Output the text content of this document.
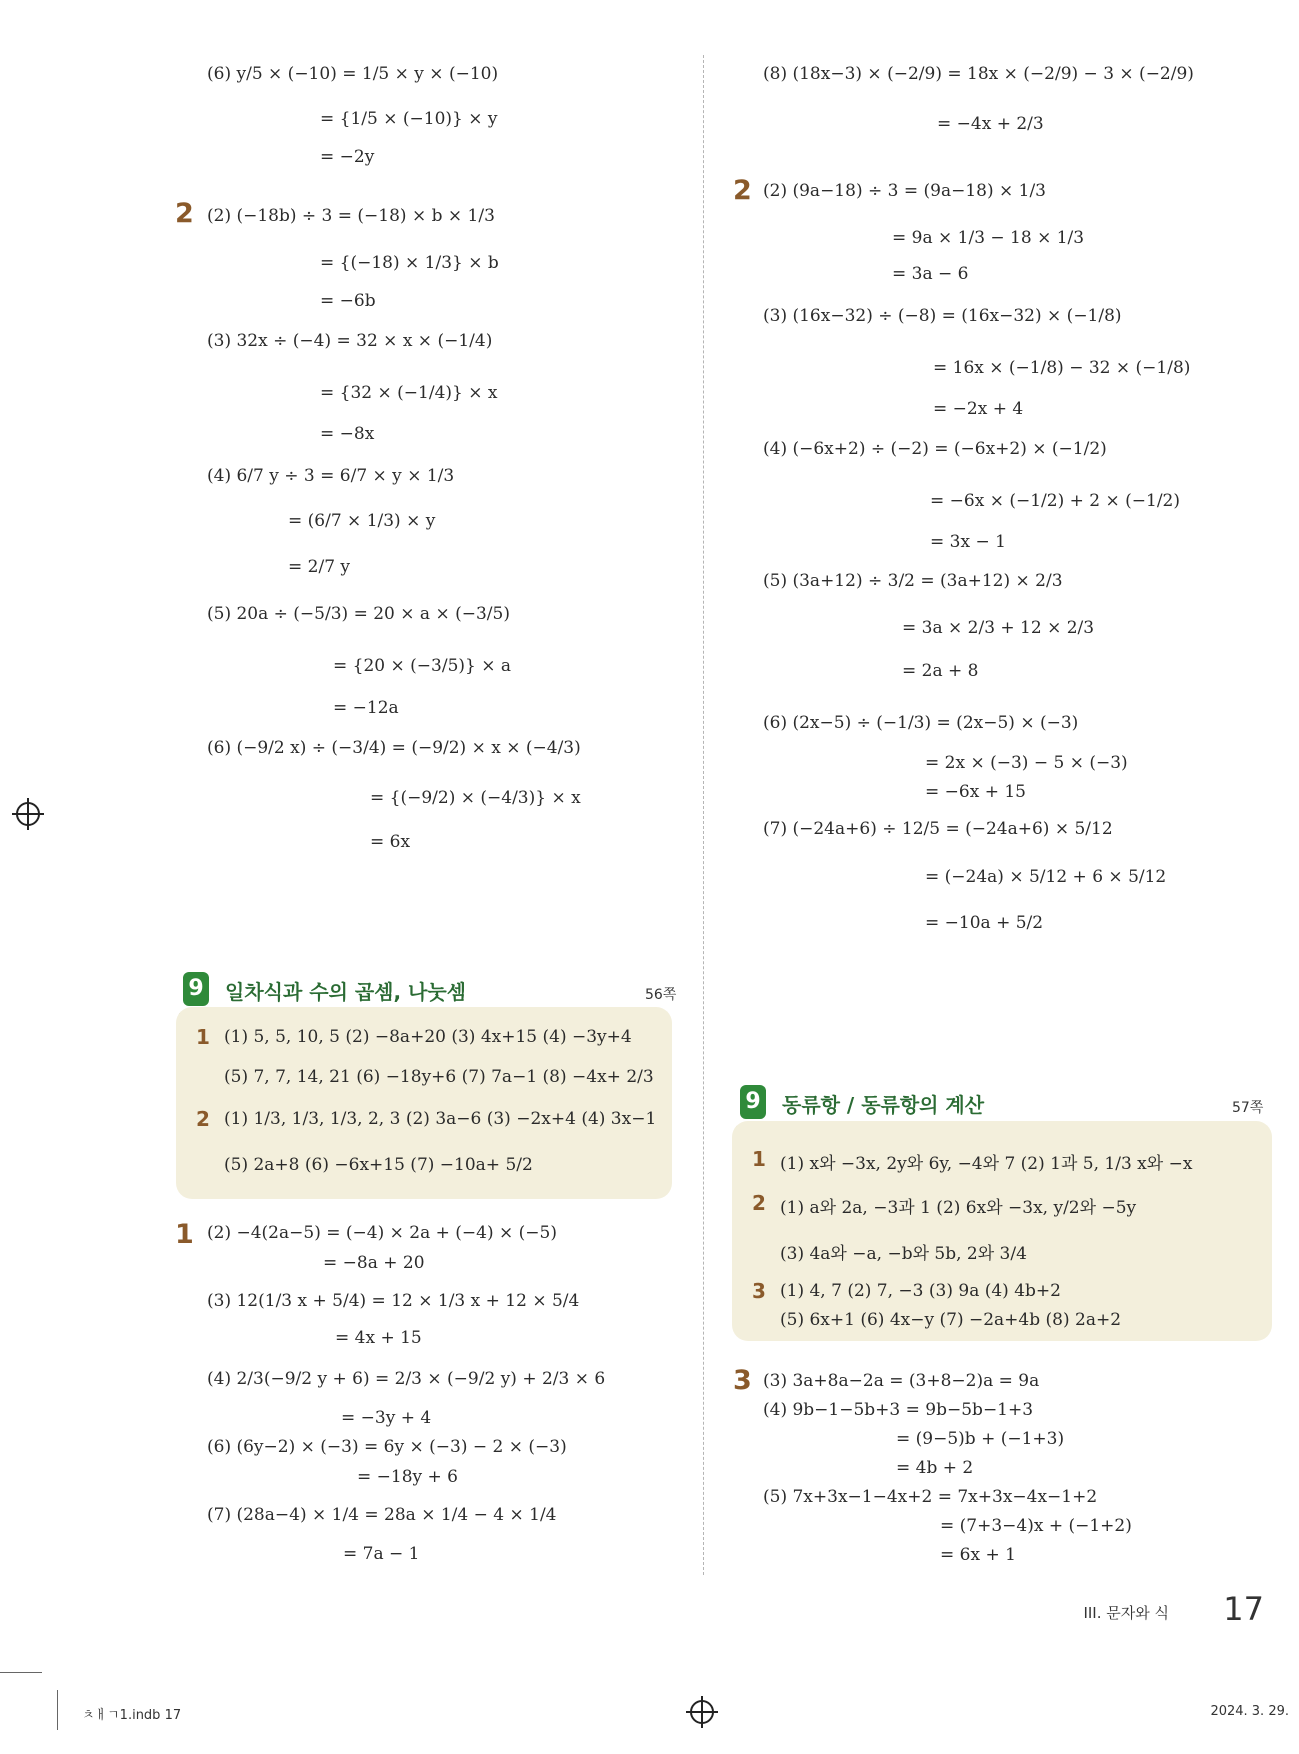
(6) y/5 × (−10) = 1/5 × y × (−10)
= {1/5 × (−10)} × y
= −2y
2 (2) (−18b) ÷ 3 = (−18) × b × 1/3
= {(−18) × 1/3} × b
= −6b
(3) 32x ÷ (−4) = 32 × x × (−1/4)
= {32 × (−1/4)} × x
= −8x
(4) 6/7 y ÷ 3 = 6/7 × y × 1/3
= (6/7 × 1/3) × y
= 2/7 y
(5) 20a ÷ (−5/3) = 20 × a × (−3/5)
= {20 × (−3/5)} × a
= −12a
(6) (−9/2 x) ÷ (−3/4) = (−9/2) × x × (−4/3)
= {(−9/2) × (−4/3)} × x
= 6x
9 일차식과 수의 곱셈, 나눗셈	56쪽
1 (1) 5, 5, 10, 5 (2) −8a+20 (3) 4x+15 (4) −3y+4
(5) 7, 7, 14, 21 (6) −18y+6 (7) 7a−1 (8) −4x+ 2/3
2 (1) 1/3, 1/3, 1/3, 2, 3 (2) 3a−6 (3) −2x+4 (4) 3x−1
(5) 2a+8 (6) −6x+15 (7) −10a+ 5/2
1 (2) −4(2a−5) = (−4) × 2a + (−4) × (−5)
= −8a + 20
(3) 12(1/3 x + 5/4) = 12 × 1/3 x + 12 × 5/4
= 4x + 15
(4) 2/3(−9/2 y + 6) = 2/3 × (−9/2 y) + 2/3 × 6
= −3y + 4
(6) (6y−2) × (−3) = 6y × (−3) − 2 × (−3)
= −18y + 6
(7) (28a−4) × 1/4 = 28a × 1/4 − 4 × 1/4
= 7a − 1
(8) (18x−3) × (−2/9) = 18x × (−2/9) − 3 × (−2/9)
= −4x + 2/3
2 (2) (9a−18) ÷ 3 = (9a−18) × 1/3
= 9a × 1/3 − 18 × 1/3
= 3a − 6
(3) (16x−32) ÷ (−8) = (16x−32) × (−1/8)
= 16x × (−1/8) − 32 × (−1/8)
= −2x + 4
(4) (−6x+2) ÷ (−2) = (−6x+2) × (−1/2)
= −6x × (−1/2) + 2 × (−1/2)
= 3x − 1
(5) (3a+12) ÷ 3/2 = (3a+12) × 2/3
= 3a × 2/3 + 12 × 2/3
= 2a + 8
(6) (2x−5) ÷ (−1/3) = (2x−5) × (−3)
= 2x × (−3) − 5 × (−3)
= −6x + 15
(7) (−24a+6) ÷ 12/5 = (−24a+6) × 5/12
= (−24a) × 5/12 + 6 × 5/12
= −10a + 5/2
9 동류항 / 동류항의 계산	57쪽
1 (1) x와 −3x, 2y와 6y, −4와 7 (2) 1과 5, 1/3 x와 −x
2 (1) a와 2a, −3과 1 (2) 6x와 −3x, y/2와 −5y
(3) 4a와 −a, −b와 5b, 2와 3/4
3 (1) 4, 7 (2) 7, −3 (3) 9a (4) 4b+2
(5) 6x+1 (6) 4x−y (7) −2a+4b (8) 2a+2
3 (3) 3a+8a−2a = (3+8−2)a = 9a
(4) 9b−1−5b+3 = 9b−5b−1+3
= (9−5)b + (−1+3)
= 4b + 2
(5) 7x+3x−1−4x+2 = 7x+3x−4x−1+2
= (7+3−4)x + (−1+2)
= 6x + 1
III. 문자와 식 17
ㅊㅐㄱ1.indb 17	2024. 3. 29.
